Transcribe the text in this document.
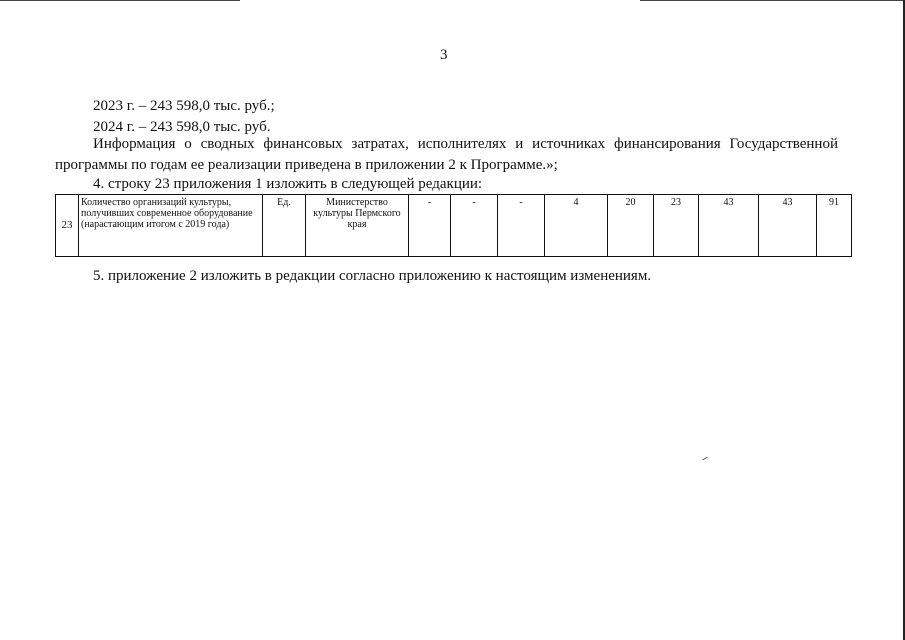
3
2023 г. – 243 598,0 тыс. руб.;
2024 г. – 243 598,0 тыс. руб.
Информация о сводных финансовых затратах, исполнителях и источниках финансирования Государственной программы по годам ее реализации приведена в приложении 2 к Программе.»;
4. строку 23 приложения 1 изложить в следующей редакции:
23	Количество организаций культуры, получивших современное оборудование (нарастающим итогом с 2019 года)	Ед.	Министерство культуры Пермского края	-	-	-	4	20	23	43	43	91
5. приложение 2 изложить в редакции согласно приложению к настоящим изменениям.
